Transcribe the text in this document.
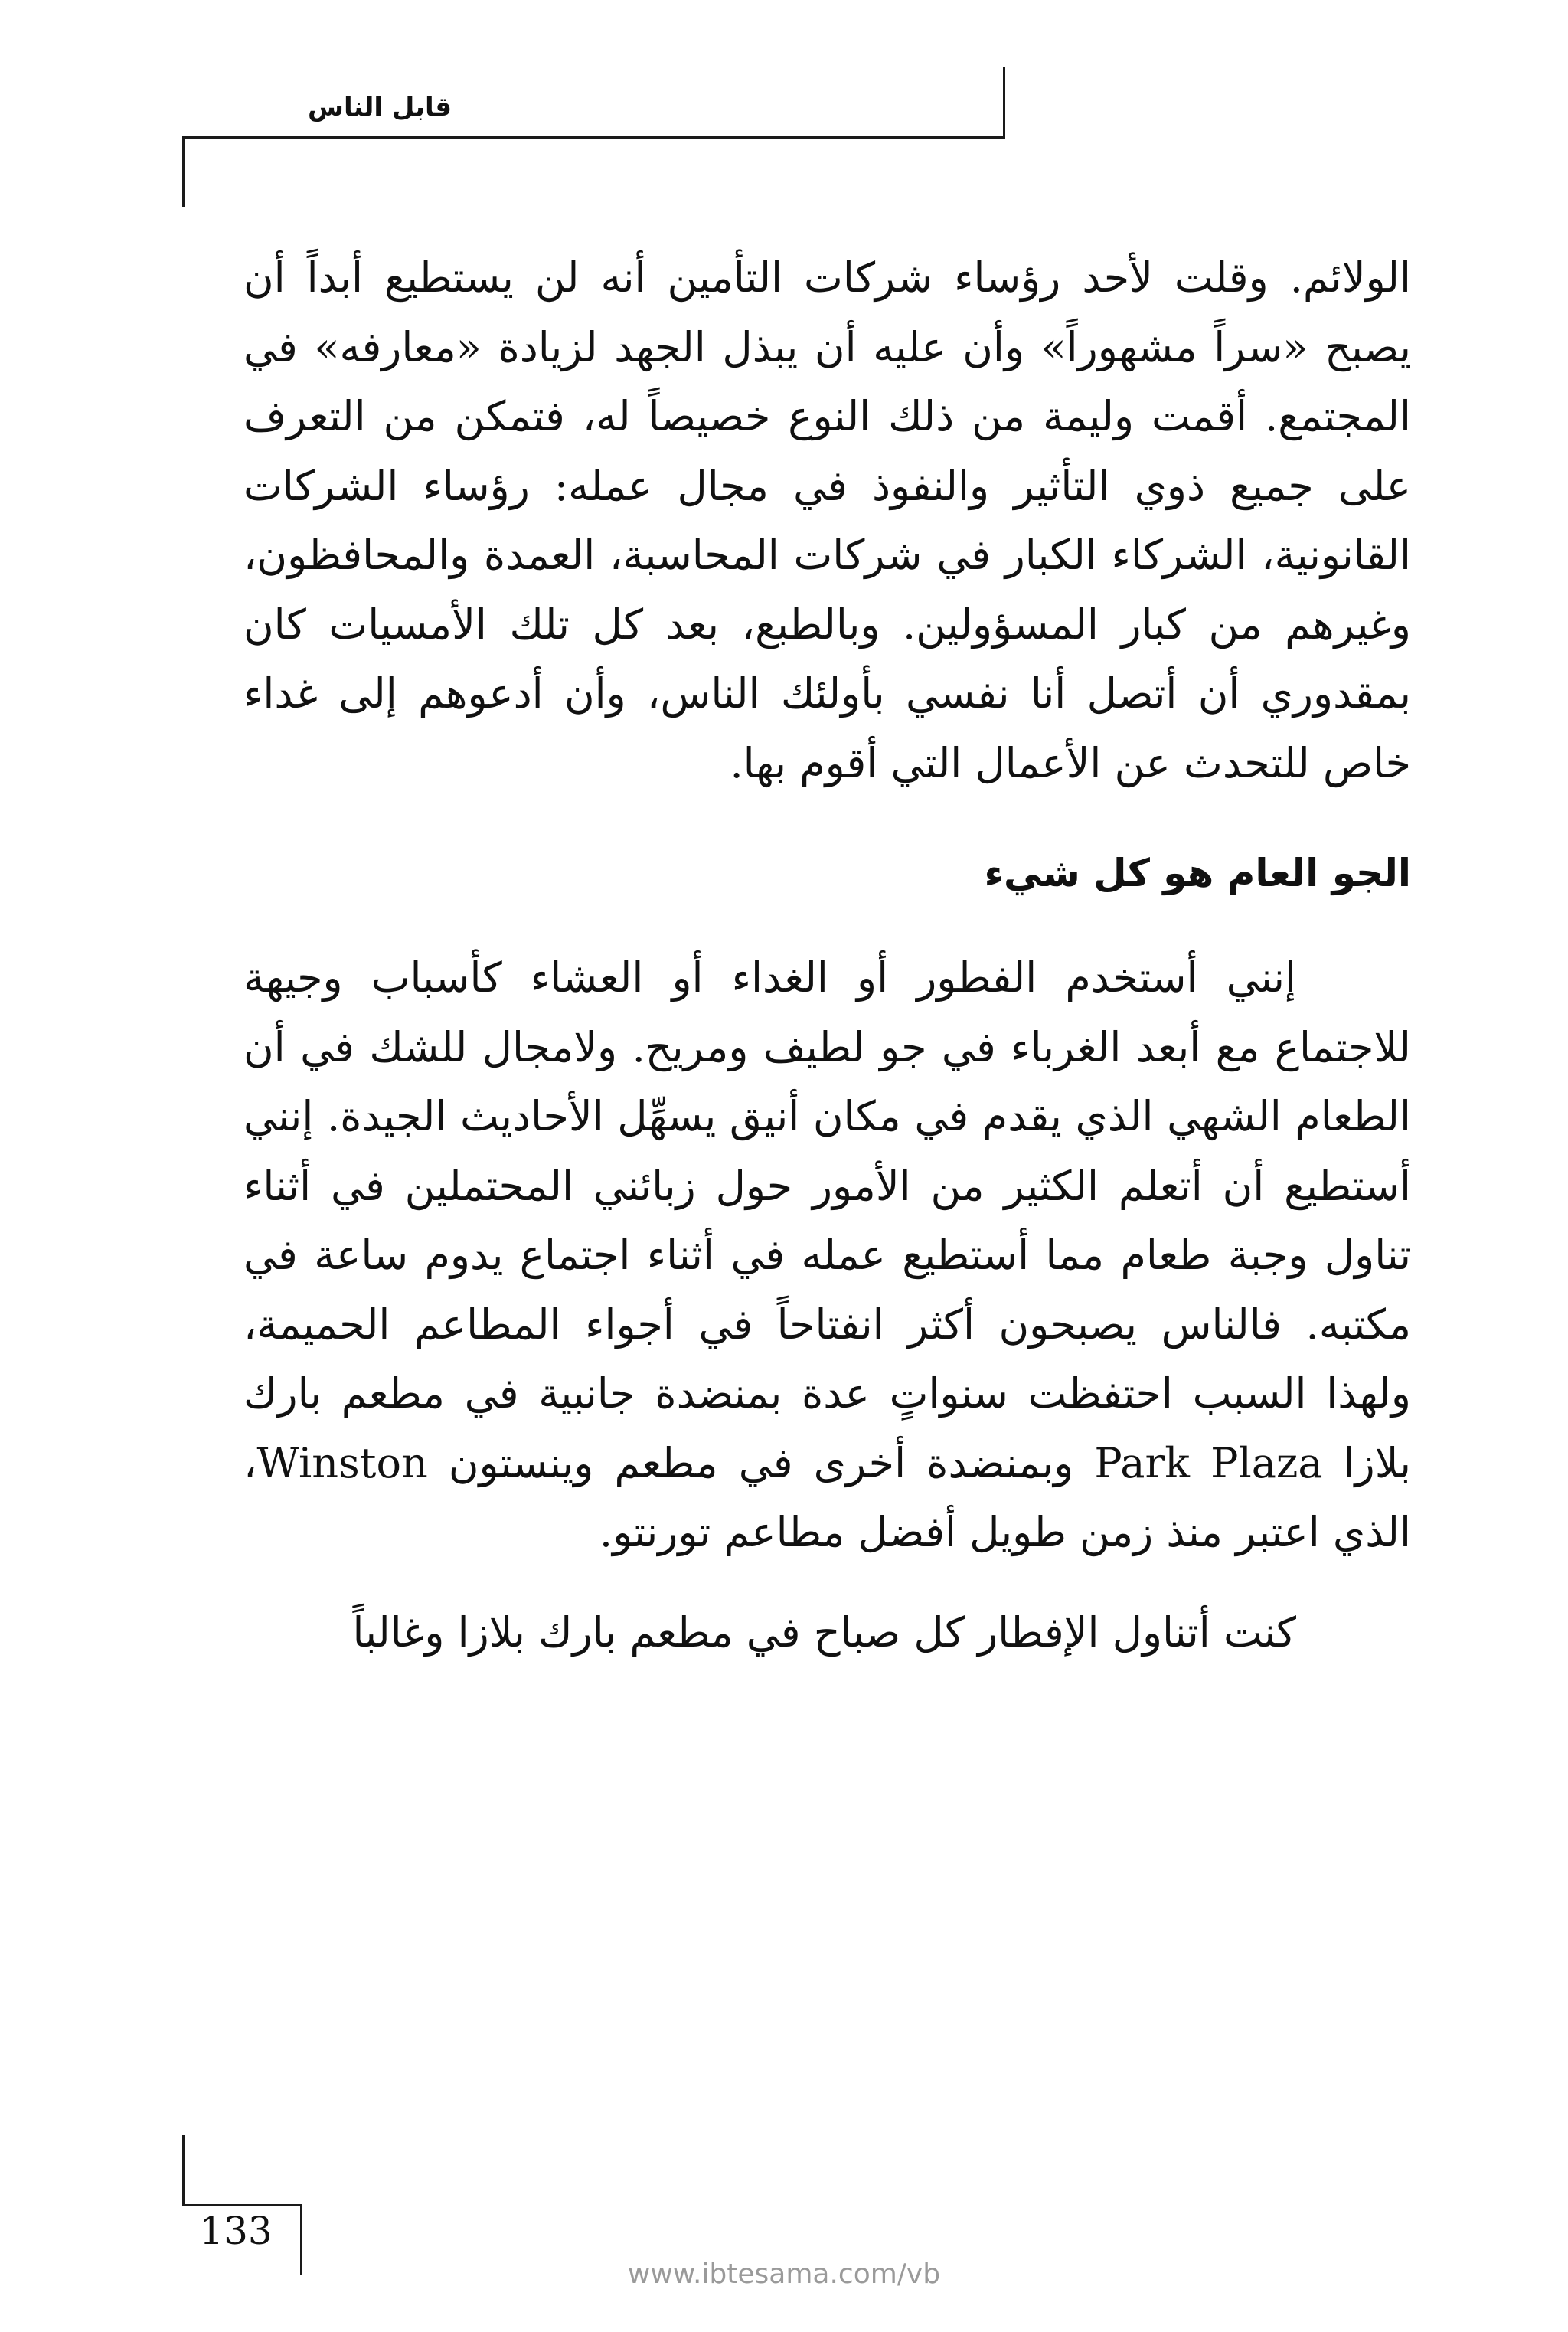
قابل الناس

الولائم. وقلت لأحد رؤساء شركات التأمين أنه لن يستطيع أبداً أن يصبح «سراً مشهوراً» وأن عليه أن يبذل الجهد لزيادة «معارفه» في المجتمع. أقمت وليمة من ذلك النوع خصيصاً له، فتمكن من التعرف على جميع ذوي التأثير والنفوذ في مجال عمله: رؤساء الشركات القانونية، الشركاء الكبار في شركات المحاسبة، العمدة والمحافظون، وغيرهم من كبار المسؤولين. وبالطبع، بعد كل تلك الأمسيات كان بمقدوري أن أتصل أنا نفسي بأولئك الناس، وأن أدعوهم إلى غداء خاص للتحدث عن الأعمال التي أقوم بها.

الجو العام هو كل شيء

إنني أستخدم الفطور أو الغداء أو العشاء كأسباب وجيهة للاجتماع مع أبعد الغرباء في جو لطيف ومريح. ولامجال للشك في أن الطعام الشهي الذي يقدم في مكان أنيق يسهِّل الأحاديث الجيدة. إنني أستطيع أن أتعلم الكثير من الأمور حول زبائني المحتملين في أثناء تناول وجبة طعام مما أستطيع عمله في أثناء اجتماع يدوم ساعة في مكتبه. فالناس يصبحون أكثر انفتاحاً في أجواء المطاعم الحميمة، ولهذا السبب احتفظت سنواتٍ عدة بمنضدة جانبية في مطعم بارك بلازا Park Plaza وبمنضدة أخرى في مطعم وينستون Winston، الذي اعتبر منذ زمن طويل أفضل مطاعم تورنتو.

كنت أتناول الإفطار كل صباح في مطعم بارك بلازا وغالباً

133
www.ibtesama.com/vb
